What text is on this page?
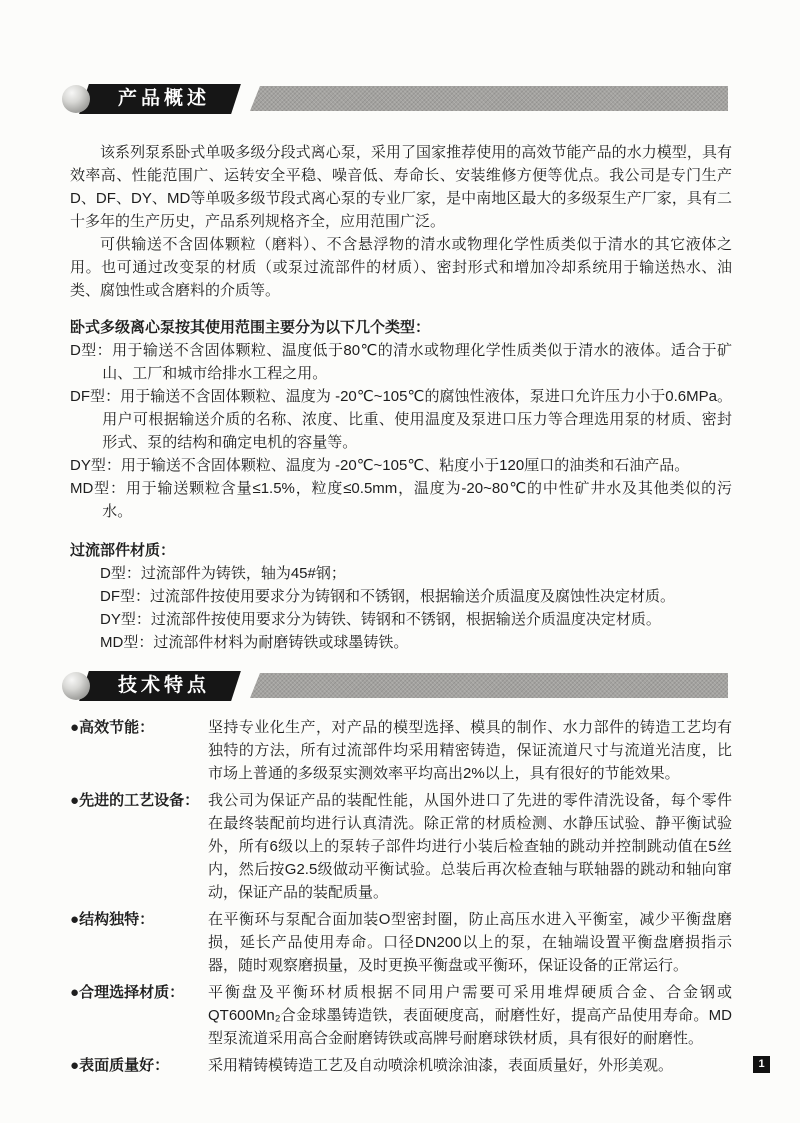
产品概述

该系列泵系卧式单吸多级分段式离心泵，采用了国家推荐使用的高效节能产品的水力模型，具有效率高、性能范围广、运转安全平稳、噪音低、寿命长、安装维修方便等优点。我公司是专门生产D、DF、DY、MD等单吸多级节段式离心泵的专业厂家，是中南地区最大的多级泵生产厂家，具有二十多年的生产历史，产品系列规格齐全，应用范围广泛。

可供输送不含固体颗粒（磨料）、不含悬浮物的清水或物理化学性质类似于清水的其它液体之用。也可通过改变泵的材质（或泵过流部件的材质）、密封形式和增加冷却系统用于输送热水、油类、腐蚀性或含磨料的介质等。

卧式多级离心泵按其使用范围主要分为以下几个类型：

D型：用于输送不含固体颗粒、温度低于80℃的清水或物理化学性质类似于清水的液体。适合于矿山、工厂和城市给排水工程之用。

DF型：用于输送不含固体颗粒、温度为 -20℃~105℃的腐蚀性液体，泵进口允许压力小于0.6MPa。用户可根据输送介质的名称、浓度、比重、使用温度及泵进口压力等合理选用泵的材质、密封形式、泵的结构和确定电机的容量等。

DY型：用于输送不含固体颗粒、温度为 -20℃~105℃、粘度小于120厘口的油类和石油产品。

MD型：用于输送颗粒含量≤1.5%，粒度≤0.5mm，温度为-20~80℃的中性矿井水及其他类似的污水。

过流部件材质：

D型：过流部件为铸铁，轴为45#钢；

DF型：过流部件按使用要求分为铸钢和不锈钢，根据输送介质温度及腐蚀性决定材质。

DY型：过流部件按使用要求分为铸铁、铸钢和不锈钢，根据输送介质温度决定材质。

MD型：过流部件材料为耐磨铸铁或球墨铸铁。

技术特点
●高效节能：	坚持专业化生产，对产品的模型选择、模具的制作、水力部件的铸造工艺均有独特的方法，所有过流部件均采用精密铸造，保证流道尺寸与流道光洁度，比市场上普通的多级泵实测效率平均高出2%以上，具有很好的节能效果。
●先进的工艺设备： 我公司为保证产品的装配性能，从国外进口了先进的零件清洗设备，每个零件在最终装配前均进行认真清洗。除正常的材质检测、水静压试验、静平衡试验外，所有6级以上的泵转子部件均进行小装后检查轴的跳动并控制跳动值在5丝内，然后按G2.5级做动平衡试验。总装后再次检查轴与联轴器的跳动和轴向窜动，保证产品的装配质量。
●结构独特：	在平衡环与泵配合面加装O型密封圈，防止高压水进入平衡室，减少平衡盘磨损，延长产品使用寿命。口径DN200以上的泵，在轴端设置平衡盘磨损指示器，随时观察磨损量，及时更换平衡盘或平衡环，保证设备的正常运行。
●合理选择材质：	平衡盘及平衡环材质根据不同用户需要可采用堆焊硬质合金、合金钢或QT600Mn₂合金球墨铸造铁，表面硬度高，耐磨性好，提高产品使用寿命。MD型泵流道采用高合金耐磨铸铁或高牌号耐磨球铁材质，具有很好的耐磨性。
●表面质量好：	采用精铸模铸造工艺及自动喷涂机喷涂油漆，表面质量好，外形美观。	1
